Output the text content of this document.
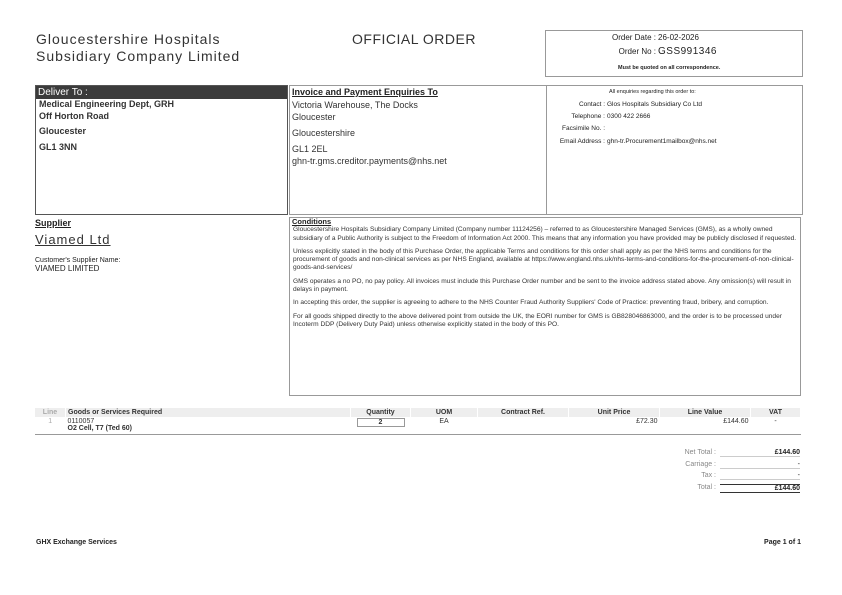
Gloucestershire Hospitals
Subsidiary Company Limited
OFFICIAL ORDER	Order Date : 26-02-2026
Order No : GSS991346
Must be quoted on all correspondence.
Deliver To :
Medical Engineering Dept, GRH
Off Horton Road
Gloucester
GL1 3NN
Invoice and Payment Enquiries To
Victoria Warehouse, The Docks
Gloucester
Gloucestershire
GL1 2EL
ghn-tr.gms.creditor.payments@nhs.net
All enquiries regarding this order to:
Contact : Glos Hospitals Subsidiary Co Ltd
Telephone : 0300 422 2666
Facsimile No. :
Email Address : ghn-tr.Procurement1mailbox@nhs.net
Supplier
Viamed Ltd
Customer's Supplier Name:
VIAMED LIMITED
Conditions

Gloucestershire Hospitals Subsidiary Company Limited (Company number 11124256) – referred to as Gloucestershire Managed Services (GMS), as a wholly owned subsidiary of a Public Authority is subject to the Freedom of Information Act 2000. This means that any information you have provided may be publicly disclosed if requested.

Unless explicitly stated in the body of this Purchase Order, the applicable Terms and conditions for this order shall apply as per the NHS terms and conditions for the procurement of goods and non-clinical services as per NHS England, available at https://www.england.nhs.uk/nhs-terms-and-conditions-for-the-procurement-of-non-clinical-goods-and-services/

GMS operates a no PO, no pay policy. All invoices must include this Purchase Order number and be sent to the invoice address stated above. Any omission(s) will result in delays in payment.

In accepting this order, the supplier is agreeing to adhere to the NHS Counter Fraud Authority Suppliers' Code of Practice: preventing fraud, bribery, and corruption.

For all goods shipped directly to the above delivered point from outside the UK, the EORI number for GMS is GB828046863000, and the order is to be processed under Incoterm DDP (Delivery Duty Paid) unless otherwise explicitly stated in the body of this PO.

Line	Goods or Services Required	Quantity	UOM	Contract Ref.	Unit Price	Line Value	VAT
1	0110057
O2 Cell, T7 (Ted 60)	2	EA		£72.30	£144.60	-
Net Total :	£144.60
Carriage :	-
Tax :	-
Total :	£144.60
GHX Exchange Services	Page 1 of 1
